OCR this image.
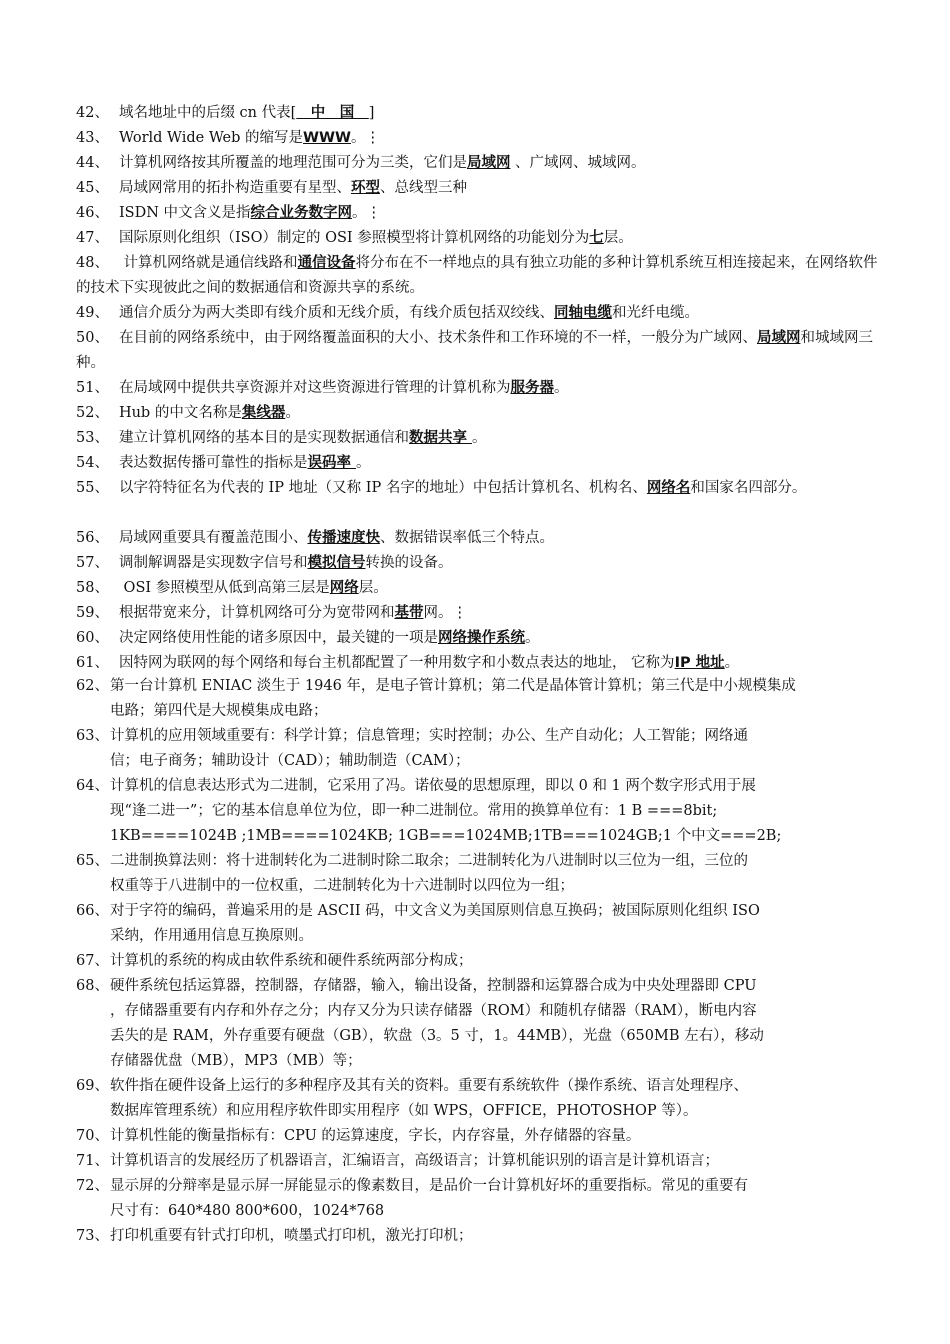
42、 域名地址中的后缀 cn 代表[　中　国　]
43、 World Wide Web 的缩写是WWW。⋮
44、 计算机网络按其所覆盖的地理范围可分为三类，它们是局域网 、广域网、城域网。
45、 局域网常用的拓扑构造重要有星型、环型、总线型三种
46、 ISDN 中文含义是指综合业务数字网。⋮
47、 国际原则化组织（ISO）制定的 OSI 参照模型将计算机网络的功能划分为七层。
48、 计算机网络就是通信线路和通信设备将分布在不一样地点的具有独立功能的多种计算机系统互相连接起来，在网络软件的技术下实现彼此之间的数据通信和资源共享的系统。
49、 通信介质分为两大类即有线介质和无线介质，有线介质包括双绞线、同轴电缆和光纤电缆。
50、 在目前的网络系统中，由于网络覆盖面积的大小、技术条件和工作环境的不一样，一般分为广域网、局域网和城域网三种。
51、 在局域网中提供共享资源并对这些资源进行管理的计算机称为服务器。
52、 Hub 的中文名称是集线器。
53、 建立计算机网络的基本目的是实现数据通信和数据共享 。
54、 表达数据传播可靠性的指标是误码率 。
55、 以字符特征名为代表的 IP 地址（又称 IP 名字的地址）中包括计算机名、机构名、网络名和国家名四部分。
56、 局域网重要具有覆盖范围小、传播速度快、数据错误率低三个特点。
57、 调制解调器是实现数字信号和模拟信号转换的设备。
58、 OSI 参照模型从低到高第三层是网络层。
59、 根据带宽来分，计算机网络可分为宽带网和基带网。⋮
60、 决定网络使用性能的诸多原因中，最关键的一项是网络操作系统。
61、 因特网为联网的每个网络和每台主机都配置了一种用数字和小数点表达的地址， 它称为IP 地址。
62、 第一台计算机 ENIAC 淡生于 1946 年，是电子管计算机；第二代是晶体管计算机；第三代是中小规模集成
电路；第四代是大规模集成电路；
63、 计算机的应用领域重要有：科学计算；信息管理；实时控制；办公、生产自动化；人工智能；网络通
信；电子商务；辅助设计（CAD）；辅助制造（CAM）；
64、 计算机的信息表达形式为二进制，它采用了冯。诺依曼的思想原理，即以 0 和 1 两个数字形式用于展
现“逢二进一”；它的基本信息单位为位，即一种二进制位。常用的换算单位有：1 B ===8bit;
1KB====1024B ;1MB====1024KB; 1GB===1024MB;1TB===1024GB;1 个中文===2B;
65、 二进制换算法则：将十进制转化为二进制时除二取余；二进制转化为八进制时以三位为一组，三位的
权重等于八进制中的一位权重，二进制转化为十六进制时以四位为一组；
66、 对于字符的编码，普遍采用的是 ASCII 码，中文含义为美国原则信息互换码；被国际原则化组织 ISO
采纳，作用通用信息互换原则。
67、 计算机的系统的构成由软件系统和硬件系统两部分构成；
68、 硬件系统包括运算器，控制器，存储器，输入，输出设备，控制器和运算器合成为中央处理器即 CPU
，存储器重要有内存和外存之分；内存又分为只读存储器（ROM）和随机存储器（RAM），断电内容
丢失的是 RAM，外存重要有硬盘（GB），软盘（3。5 寸，1。44MB），光盘（650MB 左右），移动
存储器优盘（MB），MP3（MB）等；
69、 软件指在硬件设备上运行的多种程序及其有关的资料。重要有系统软件（操作系统、语言处理程序、
数据库管理系统）和应用程序软件即实用程序（如 WPS，OFFICE，PHOTOSHOP 等）。
70、 计算机性能的衡量指标有：CPU 的运算速度，字长，内存容量，外存储器的容量。
71、 计算机语言的发展经历了机器语言，汇编语言，高级语言；计算机能识别的语言是计算机语言；
72、 显示屏的分辩率是显示屏一屏能显示的像素数目，是品价一台计算机好坏的重要指标。常见的重要有
尺寸有：640*480 800*600，1024*768
73、 打印机重要有针式打印机，喷墨式打印机，激光打印机；
